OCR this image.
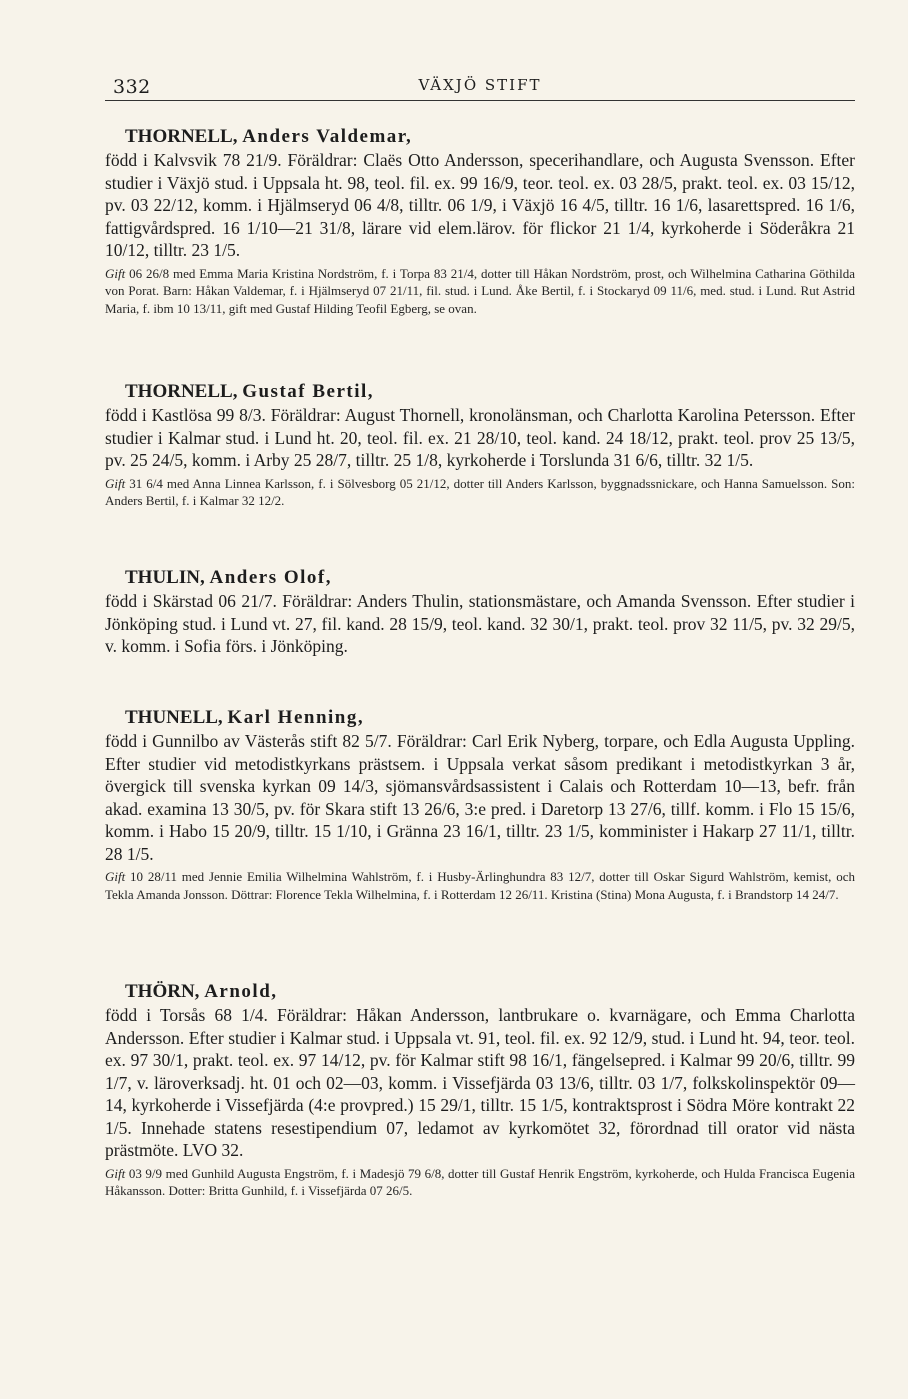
332	VÄXJÖ STIFT

THORNELL, Anders Valdemar,

född i Kalvsvik 78 21/9. Föräldrar: Claës Otto Andersson, specerihandlare, och Augusta Svensson. Efter studier i Växjö stud. i Uppsala ht. 98, teol. fil. ex. 99 16/9, teor. teol. ex. 03 28/5, prakt. teol. ex. 03 15/12, pv. 03 22/12, komm. i Hjälmseryd 06 4/8, tilltr. 06 1/9, i Växjö 16 4/5, tilltr. 16 1/6, lasarettspred. 16 1/6, fattigvårdspred. 16 1/10—21 31/8, lärare vid elem.lärov. för flickor 21 1/4, kyrkoherde i Söderåkra 21 10/12, tilltr. 23 1/5.

Gift 06 26/8 med Emma Maria Kristina Nordström, f. i Torpa 83 21/4, dotter till Håkan Nordström, prost, och Wilhelmina Catharina Göthilda von Porat. Barn: Håkan Valdemar, f. i Hjälmseryd 07 21/11, fil. stud. i Lund. Åke Bertil, f. i Stockaryd 09 11/6, med. stud. i Lund. Rut Astrid Maria, f. ibm 10 13/11, gift med Gustaf Hilding Teofil Egberg, se ovan.

THORNELL, Gustaf Bertil,

född i Kastlösa 99 8/3. Föräldrar: August Thornell, kronolänsman, och Charlotta Karolina Petersson. Efter studier i Kalmar stud. i Lund ht. 20, teol. fil. ex. 21 28/10, teol. kand. 24 18/12, prakt. teol. prov 25 13/5, pv. 25 24/5, komm. i Arby 25 28/7, tilltr. 25 1/8, kyrkoherde i Torslunda 31 6/6, tilltr. 32 1/5.

Gift 31 6/4 med Anna Linnea Karlsson, f. i Sölvesborg 05 21/12, dotter till Anders Karlsson, byggnadssnickare, och Hanna Samuelsson. Son: Anders Bertil, f. i Kalmar 32 12/2.

THULIN, Anders Olof,

född i Skärstad 06 21/7. Föräldrar: Anders Thulin, stationsmästare, och Amanda Svensson. Efter studier i Jönköping stud. i Lund vt. 27, fil. kand. 28 15/9, teol. kand. 32 30/1, prakt. teol. prov 32 11/5, pv. 32 29/5, v. komm. i Sofia förs. i Jönköping.

THUNELL, Karl Henning,

född i Gunnilbo av Västerås stift 82 5/7. Föräldrar: Carl Erik Nyberg, torpare, och Edla Augusta Uppling. Efter studier vid metodistkyrkans prästsem. i Uppsala verkat såsom predikant i metodistkyrkan 3 år, övergick till svenska kyrkan 09 14/3, sjömansvårdsassistent i Calais och Rotterdam 10—13, befr. från akad. examina 13 30/5, pv. för Skara stift 13 26/6, 3:e pred. i Daretorp 13 27/6, tillf. komm. i Flo 15 15/6, komm. i Habo 15 20/9, tilltr. 15 1/10, i Gränna 23 16/1, tilltr. 23 1/5, komminister i Hakarp 27 11/1, tilltr. 28 1/5.

Gift 10 28/11 med Jennie Emilia Wilhelmina Wahlström, f. i Husby-Ärlinghundra 83 12/7, dotter till Oskar Sigurd Wahlström, kemist, och Tekla Amanda Jonsson. Döttrar: Florence Tekla Wilhelmina, f. i Rotterdam 12 26/11. Kristina (Stina) Mona Augusta, f. i Brandstorp 14 24/7.

THÖRN, Arnold,

född i Torsås 68 1/4. Föräldrar: Håkan Andersson, lantbrukare o. kvarnägare, och Emma Charlotta Andersson. Efter studier i Kalmar stud. i Uppsala vt. 91, teol. fil. ex. 92 12/9, stud. i Lund ht. 94, teor. teol. ex. 97 30/1, prakt. teol. ex. 97 14/12, pv. för Kalmar stift 98 16/1, fängelsepred. i Kalmar 99 20/6, tilltr. 99 1/7, v. läroverksadj. ht. 01 och 02—03, komm. i Vissefjärda 03 13/6, tilltr. 03 1/7, folkskolinspektör 09—14, kyrkoherde i Vissefjärda (4:e provpred.) 15 29/1, tilltr. 15 1/5, kontraktsprost i Södra Möre kontrakt 22 1/5. Innehade statens resestipendium 07, ledamot av kyrkomötet 32, förordnad till orator vid nästa prästmöte. LVO 32.

Gift 03 9/9 med Gunhild Augusta Engström, f. i Madesjö 79 6/8, dotter till Gustaf Henrik Engström, kyrkoherde, och Hulda Francisca Eugenia Håkansson. Dotter: Britta Gunhild, f. i Vissefjärda 07 26/5.
